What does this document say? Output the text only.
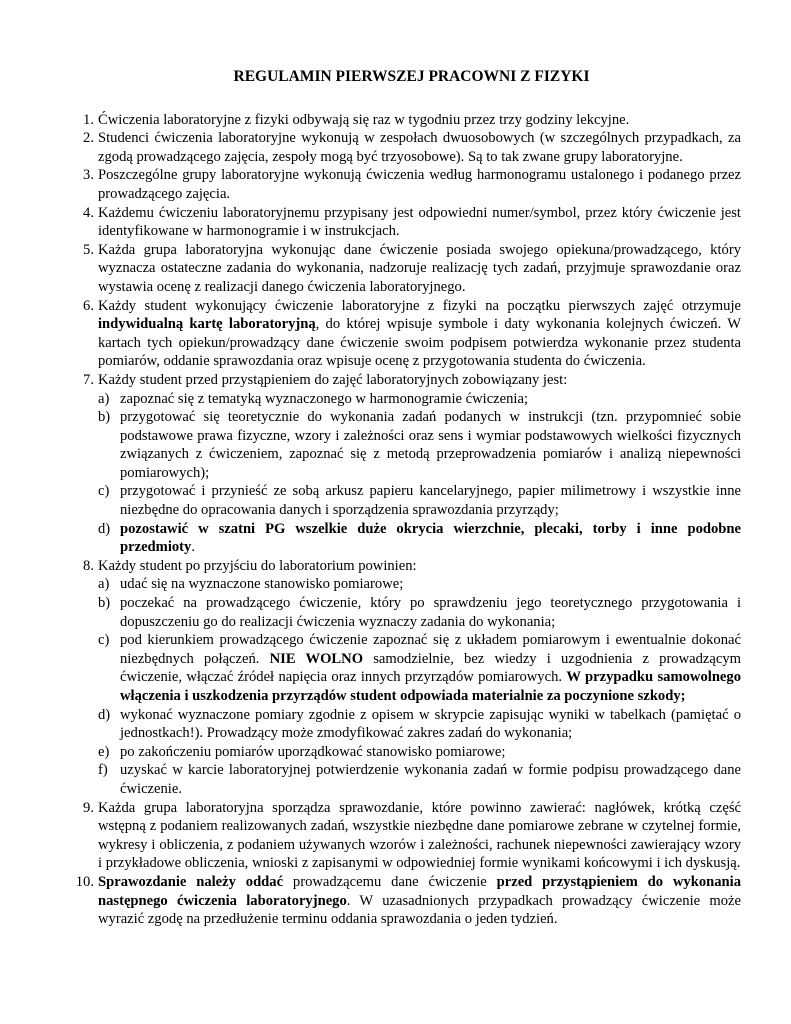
REGULAMIN PIERWSZEJ PRACOWNI Z FIZYKI
1. Ćwiczenia laboratoryjne z fizyki odbywają się raz w tygodniu przez trzy godziny lekcyjne.
2. Studenci ćwiczenia laboratoryjne wykonują w zespołach dwuosobowych (w szczególnych przypadkach, za zgodą prowadzącego zajęcia, zespoły mogą być trzyosobowe). Są to tak zwane grupy laboratoryjne.
3. Poszczególne grupy laboratoryjne wykonują ćwiczenia według harmonogramu ustalonego i podanego przez prowadzącego zajęcia.
4. Każdemu ćwiczeniu laboratoryjnemu przypisany jest odpowiedni numer/symbol, przez który ćwiczenie jest identyfikowane w harmonogramie i w instrukcjach.
5. Każda grupa laboratoryjna wykonując dane ćwiczenie posiada swojego opiekuna/prowadzącego, który wyznacza ostateczne zadania do wykonania, nadzoruje realizację tych zadań, przyjmuje sprawozdanie oraz wystawia ocenę z realizacji danego ćwiczenia laboratoryjnego.
6. Każdy student wykonujący ćwiczenie laboratoryjne z fizyki na początku pierwszych zajęć otrzymuje indywidualną kartę laboratoryjną, do której wpisuje symbole i daty wykonania kolejnych ćwiczeń. W kartach tych opiekun/prowadzący dane ćwiczenie swoim podpisem potwierdza wykonanie przez studenta pomiarów, oddanie sprawozdania oraz wpisuje ocenę z przygotowania studenta do ćwiczenia.
7. Każdy student przed przystąpieniem do zajęć laboratoryjnych zobowiązany jest:
a) zapoznać się z tematyką wyznaczonego w harmonogramie ćwiczenia;
b) przygotować się teoretycznie do wykonania zadań podanych w instrukcji (tzn. przypomnieć sobie podstawowe prawa fizyczne, wzory i zależności oraz sens i wymiar podstawowych wielkości fizycznych związanych z ćwiczeniem, zapoznać się z metodą przeprowadzenia pomiarów i analizą niepewności pomiarowych);
c) przygotować i przynieść ze sobą arkusz papieru kancelaryjnego, papier milimetrowy i wszystkie inne niezbędne do opracowania danych i sporządzenia sprawozdania przyrządy;
d) pozostawić w szatni PG wszelkie duże okrycia wierzchnie, plecaki, torby i inne podobne przedmioty.
8. Każdy student po przyjściu do laboratorium powinien:
a) udać się na wyznaczone stanowisko pomiarowe;
b) poczekać na prowadzącego ćwiczenie, który po sprawdzeniu jego teoretycznego przygotowania i dopuszczeniu go do realizacji ćwiczenia wyznaczy zadania do wykonania;
c) pod kierunkiem prowadzącego ćwiczenie zapoznać się z układem pomiarowym i ewentualnie dokonać niezbędnych połączeń. NIE WOLNO samodzielnie, bez wiedzy i uzgodnienia z prowadzącym ćwiczenie, włączać źródeł napięcia oraz innych przyrządów pomiarowych. W przypadku samowolnego włączenia i uszkodzenia przyrządów student odpowiada materialnie za poczynione szkody;
d) wykonać wyznaczone pomiary zgodnie z opisem w skrypcie zapisując wyniki w tabelkach (pamiętać o jednostkach!). Prowadzący może zmodyfikować zakres zadań do wykonania;
e) po zakończeniu pomiarów uporządkować stanowisko pomiarowe;
f) uzyskać w karcie laboratoryjnej potwierdzenie wykonania zadań w formie podpisu prowadzącego dane ćwiczenie.
9. Każda grupa laboratoryjna sporządza sprawozdanie, które powinno zawierać: nagłówek, krótką część wstępną z podaniem realizowanych zadań, wszystkie niezbędne dane pomiarowe zebrane w czytelnej formie, wykresy i obliczenia, z podaniem używanych wzorów i zależności, rachunek niepewności zawierający wzory i przykładowe obliczenia, wnioski z zapisanymi w odpowiedniej formie wynikami końcowymi i ich dyskusją.
10. Sprawozdanie należy oddać prowadzącemu dane ćwiczenie przed przystąpieniem do wykonania następnego ćwiczenia laboratoryjnego. W uzasadnionych przypadkach prowadzący ćwiczenie może wyrazić zgodę na przedłużenie terminu oddania sprawozdania o jeden tydzień.
